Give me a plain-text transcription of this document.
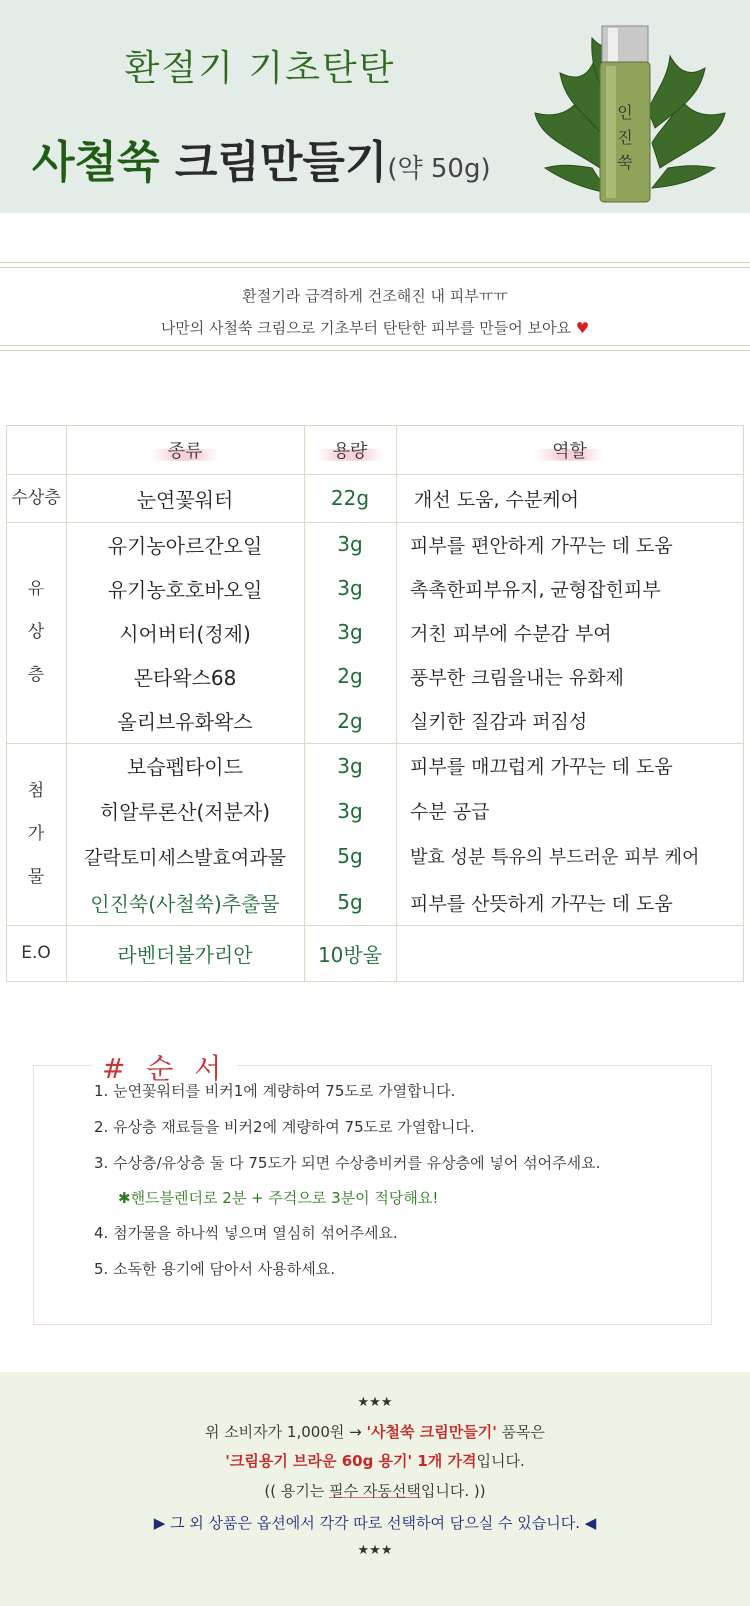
환절기 기초탄탄
사철쑥 크림만들기(약 50g)
인
진
쑥
환절기라 급격하게 건조해진 내 피부ㅠㅠ
나만의 사철쑥 크림으로 기초부터 탄탄한 피부를 만들어 보아요 ♥
종류	용량	역할
수상층	눈연꽃워터	22g	개선 도움, 수분케어
유
상
층
유기농아르간오일	3g	피부를 편안하게 가꾸는 데 도움
유기농호호바오일	3g	촉촉한피부유지, 균형잡힌피부
시어버터(정제)	3g	거친 피부에 수분감 부여
몬타왁스68	2g	풍부한 크림을내는 유화제
올리브유화왁스	2g	실키한 질감과 퍼짐성
첨
가
물
보습펩타이드	3g	피부를 매끄럽게 가꾸는 데 도움
히알루론산(저분자)	3g	수분 공급
갈락토미세스발효여과물	5g	발효 성분 특유의 부드러운 피부 케어
인진쑥(사철쑥)추출물	5g	피부를 산뜻하게 가꾸는 데 도움
E.O	라벤더불가리안	10방울
# 순 서
1. 눈연꽃워터를 비커1에 계량하여 75도로 가열합니다.
2. 유상층 재료들을 비커2에 계량하여 75도로 가열합니다.
3. 수상층/유상층 둘 다 75도가 되면 수상층비커를 유상층에 넣어 섞어주세요.
✱핸드블렌더로 2분 + 주걱으로 3분이 적당해요!
4. 첨가물을 하나씩 넣으며 열심히 섞어주세요.
5. 소독한 용기에 담아서 사용하세요.
★★★
위 소비자가 1,000원 → '사철쑥 크림만들기' 품목은
'크림용기 브라운 60g 용기' 1개 가격입니다.
(( 용기는 필수 자동선택입니다. ))
▶ 그 외 상품은 옵션에서 각각 따로 선택하여 담으실 수 있습니다. ◀
★★★
